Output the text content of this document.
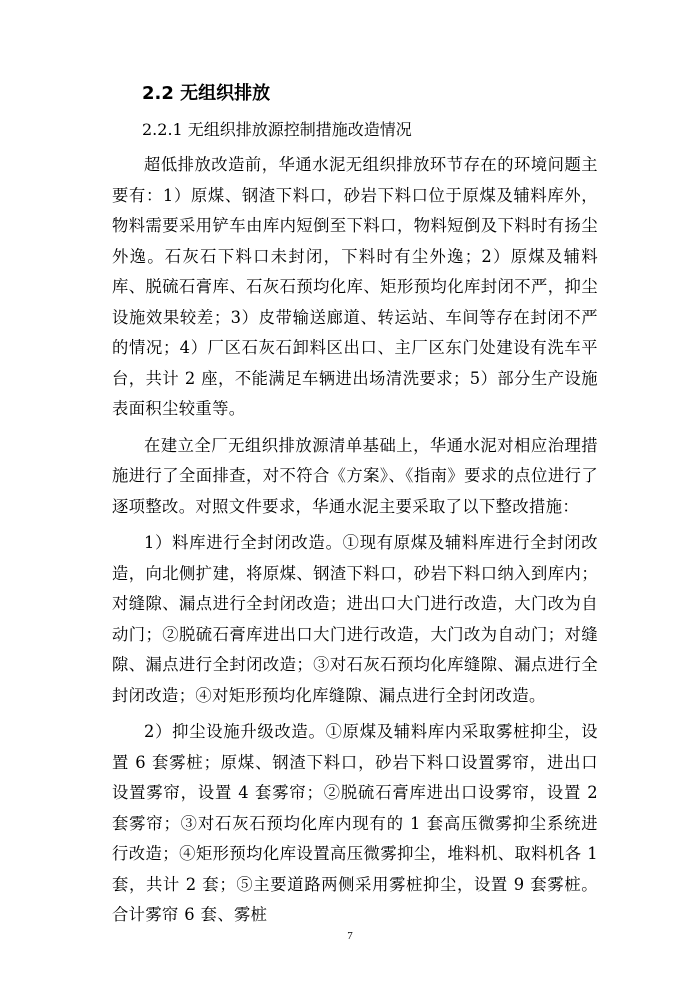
2.2 无组织排放
2.2.1 无组织排放源控制措施改造情况

超低排放改造前，华通水泥无组织排放环节存在的环境问题主要有：1）原煤、钢渣下料口，砂岩下料口位于原煤及辅料库外，物料需要采用铲车由库内短倒至下料口，物料短倒及下料时有扬尘外逸。石灰石下料口未封闭，下料时有尘外逸；2）原煤及辅料库、脱硫石膏库、石灰石预均化库、矩形预均化库封闭不严，抑尘设施效果较差；3）皮带输送廊道、转运站、车间等存在封闭不严的情况；4）厂区石灰石卸料区出口、主厂区东门处建设有洗车平台，共计 2 座，不能满足车辆进出场清洗要求；5）部分生产设施表面积尘较重等。

在建立全厂无组织排放源清单基础上，华通水泥对相应治理措施进行了全面排查，对不符合《方案》、《指南》要求的点位进行了逐项整改。对照文件要求，华通水泥主要采取了以下整改措施：

1）料库进行全封闭改造。①现有原煤及辅料库进行全封闭改造，向北侧扩建，将原煤、钢渣下料口，砂岩下料口纳入到库内；对缝隙、漏点进行全封闭改造；进出口大门进行改造，大门改为自动门；②脱硫石膏库进出口大门进行改造，大门改为自动门；对缝隙、漏点进行全封闭改造；③对石灰石预均化库缝隙、漏点进行全封闭改造；④对矩形预均化库缝隙、漏点进行全封闭改造。

2）抑尘设施升级改造。①原煤及辅料库内采取雾桩抑尘，设置 6 套雾桩；原煤、钢渣下料口，砂岩下料口设置雾帘，进出口设置雾帘，设置 4 套雾帘；②脱硫石膏库进出口设雾帘，设置 2 套雾帘；③对石灰石预均化库内现有的 1 套高压微雾抑尘系统进行改造；④矩形预均化库设置高压微雾抑尘，堆料机、取料机各 1 套，共计 2 套；⑤主要道路两侧采用雾桩抑尘，设置 9 套雾桩。合计雾帘 6 套、雾桩

7
